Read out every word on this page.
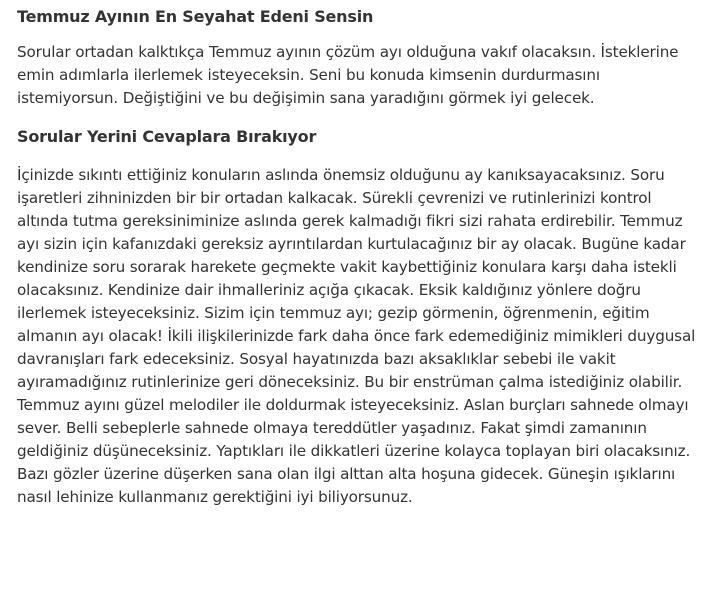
Temmuz Ayının En Seyahat Edeni Sensin

Sorular ortadan kalktıkça Temmuz ayının çözüm ayı olduğuna vakıf olacaksın. İsteklerine emin adımlarla ilerlemek isteyeceksin. Seni bu konuda kimsenin durdurmasını istemiyorsun. Değiştiğini ve bu değişimin sana yaradığını görmek iyi gelecek.

Sorular Yerini Cevaplara Bırakıyor

İçinizde sıkıntı ettiğiniz konuların aslında önemsiz olduğunu ay kanıksayacaksınız. Soru işaretleri zihninizden bir bir ortadan kalkacak. Sürekli çevrenizi ve rutinlerinizi kontrol altında tutma gereksiniminize aslında gerek kalmadığı fikri sizi rahata erdirebilir. Temmuz ayı sizin için kafanızdaki gereksiz ayrıntılardan kurtulacağınız bir ay olacak. Bugüne kadar kendinize soru sorarak harekete geçmekte vakit kaybettiğiniz konulara karşı daha istekli olacaksınız. Kendinize dair ihmalleriniz açığa çıkacak. Eksik kaldığınız yönlere doğru ilerlemek isteyeceksiniz. Sizim için temmuz ayı; gezip görmenin, öğrenmenin, eğitim almanın ayı olacak! İkili ilişkilerinizde fark daha önce fark edemediğiniz mimikleri duygusal davranışları fark edeceksiniz. Sosyal hayatınızda bazı aksaklıklar sebebi ile vakit ayıramadığınız rutinlerinize geri döneceksiniz. Bu bir enstrüman çalma istediğiniz olabilir. Temmuz ayını güzel melodiler ile doldurmak isteyeceksiniz. Aslan burçları sahnede olmayı sever. Belli sebeplerle sahnede olmaya tereddütler yaşadınız. Fakat şimdi zamanının geldiğiniz düşüneceksiniz. Yaptıkları ile dikkatleri üzerine kolayca toplayan biri olacaksınız. Bazı gözler üzerine düşerken sana olan ilgi alttan alta hoşuna gidecek. Güneşin ışıklarını nasıl lehinize kullanmanız gerektiğini iyi biliyorsunuz.
